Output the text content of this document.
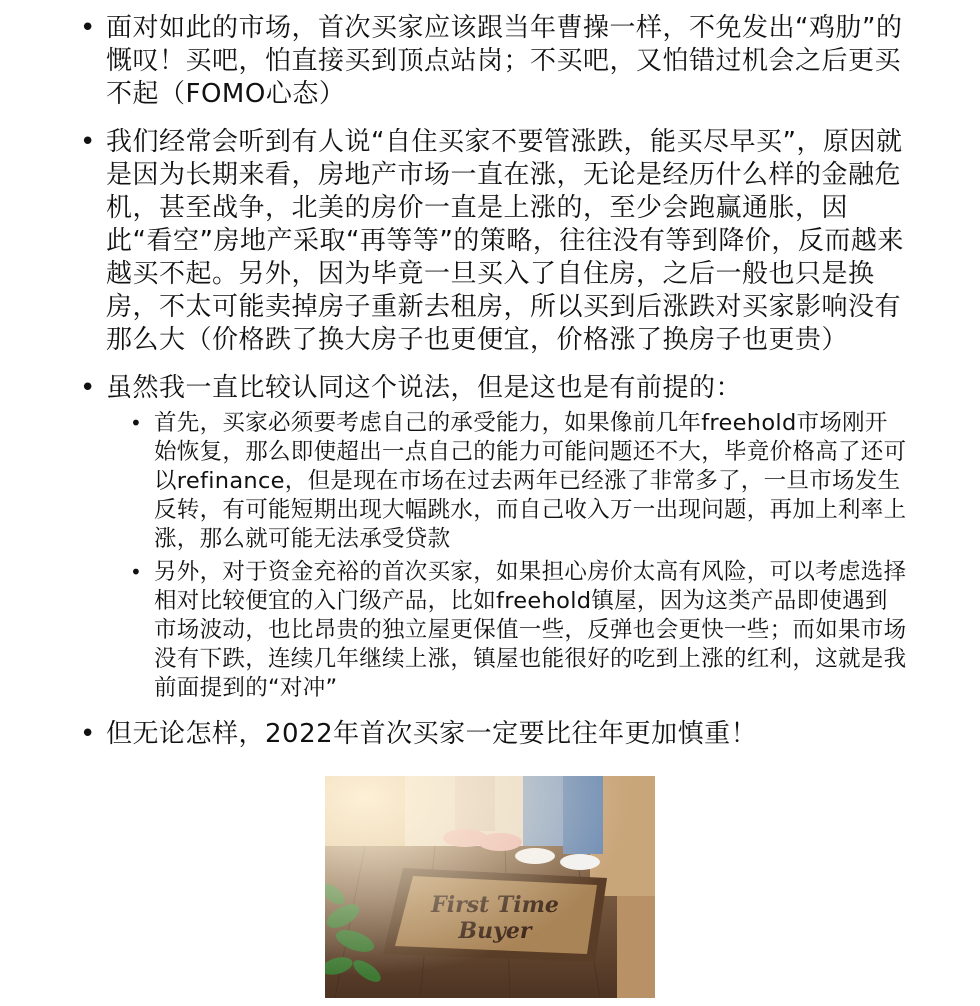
• 面对如此的市场，首次买家应该跟当年曹操一样，不免发出“鸡肋”的慨叹！买吧，怕直接买到顶点站岗；不买吧，又怕错过机会之后更买不起（FOMO心态）
• 我们经常会听到有人说“自住买家不要管涨跌，能买尽早买”，原因就是因为长期来看，房地产市场一直在涨，无论是经历什么样的金融危机，甚至战争，北美的房价一直是上涨的，至少会跑赢通胀，因此“看空”房地产采取“再等等”的策略，往往没有等到降价，反而越来越买不起。另外，因为毕竟一旦买入了自住房，之后一般也只是换房，不太可能卖掉房子重新去租房，所以买到后涨跌对买家影响没有那么大（价格跌了换大房子也更便宜，价格涨了换房子也更贵）
• 虽然我一直比较认同这个说法，但是这也是有前提的：
• 首先，买家必须要考虑自己的承受能力，如果像前几年freehold市场刚开始恢复，那么即使超出一点自己的能力可能问题还不大，毕竟价格高了还可以refinance，但是现在市场在过去两年已经涨了非常多了，一旦市场发生反转，有可能短期出现大幅跳水，而自己收入万一出现问题，再加上利率上涨，那么就可能无法承受贷款
• 另外，对于资金充裕的首次买家，如果担心房价太高有风险，可以考虑选择相对比较便宜的入门级产品，比如freehold镇屋，因为这类产品即使遇到市场波动，也比昂贵的独立屋更保值一些，反弹也会更快一些；而如果市场没有下跌，连续几年继续上涨，镇屋也能很好的吃到上涨的红利，这就是我前面提到的“对冲”
• 但无论怎样，2022年首次买家一定要比往年更加慎重！
